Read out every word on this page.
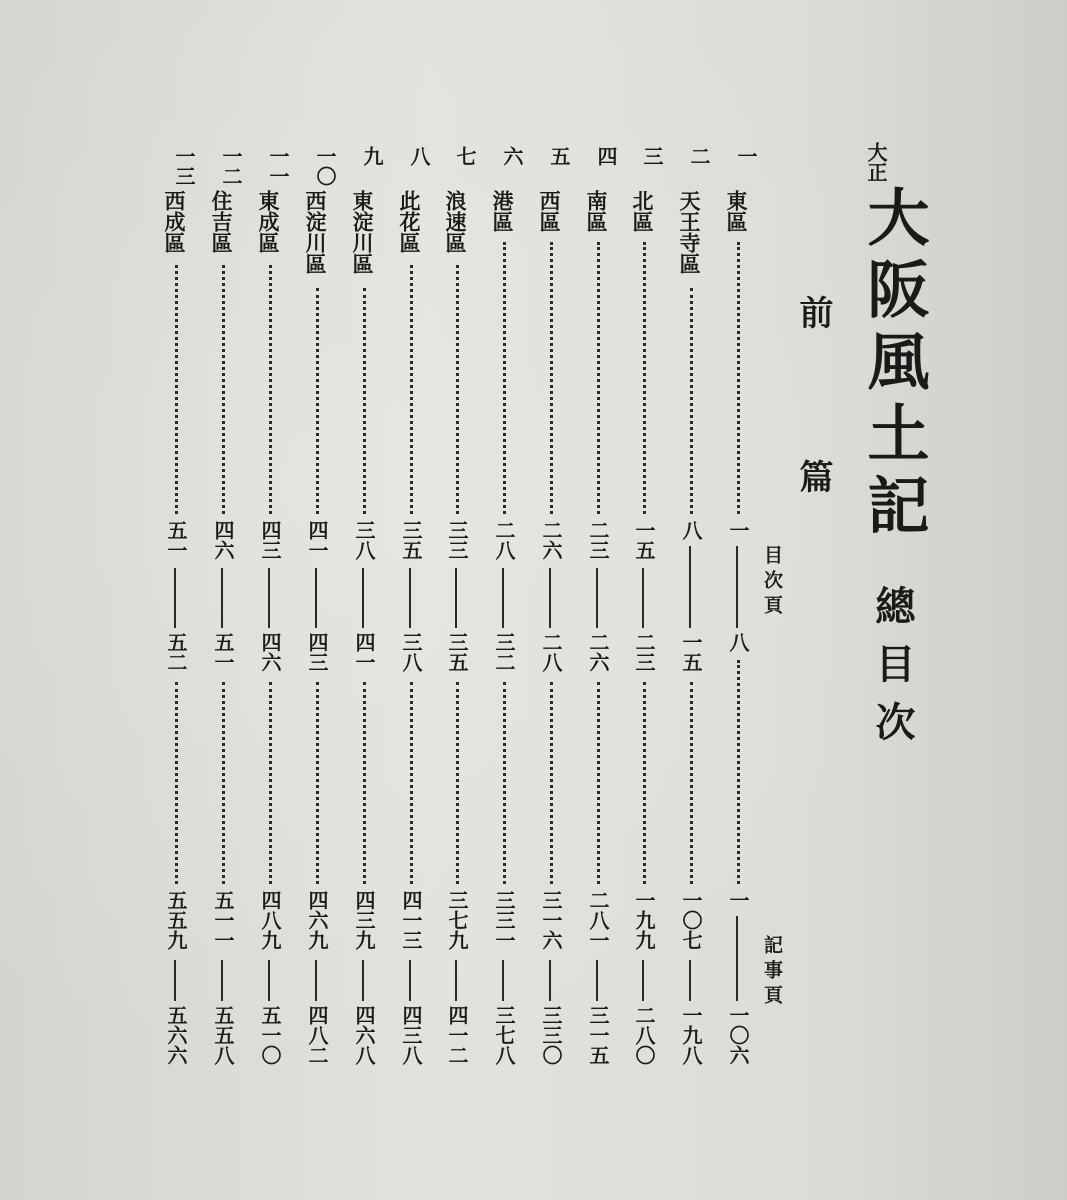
大正
大阪風土記
總目次
前篇
目次頁
記事頁
一
東區
一
八
一
一〇六
二
天王寺區
八
一五
一〇七
一九八
三
北區
一五
二三
一九九
二八〇
四
南區
二三
二六
二八一
三一五
五
西區
二六
二八
三一六
三三〇
六
港區
二八
三二
三三一
三七八
七
浪速區
三三
三五
三七九
四一二
八
此花區
三五
三八
四一三
四三八
九
東淀川區
三八
四一
四三九
四六八
一〇
西淀川區
四一
四三
四六九
四八二
一一
東成區
四三
四六
四八九
五一〇
一二
住吉區
四六
五一
五一一
五五八
一三
西成區
五一
五二
五五九
五六六
